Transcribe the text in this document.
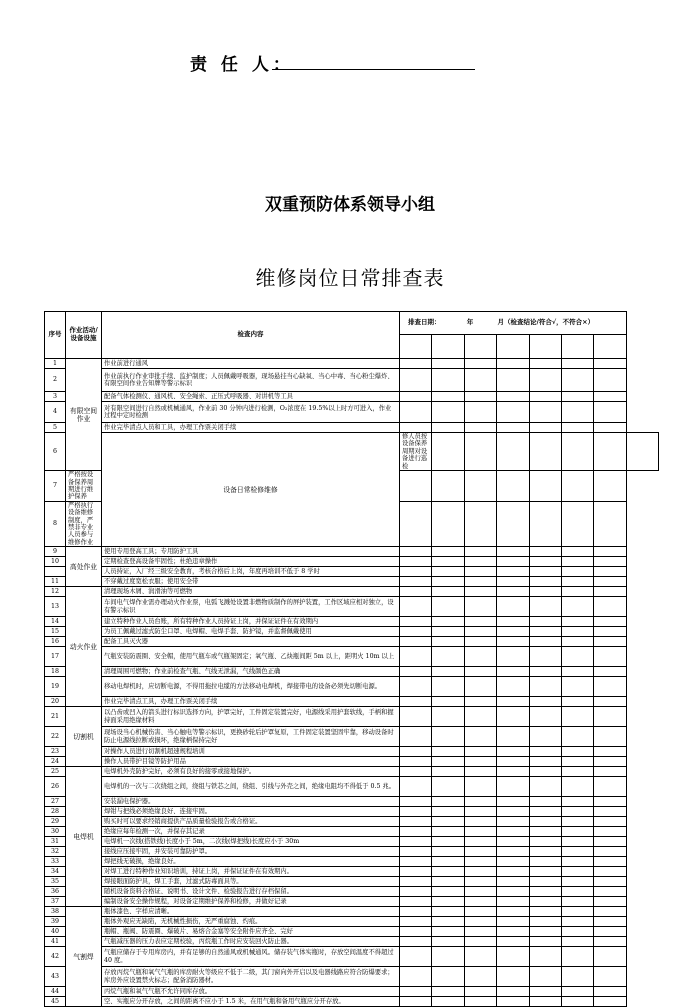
责 任 人：
双重预防体系领导小组
维修岗位日常排查表
序号	作业活动/设备设施	检查内容	排查日期： 年 月（检查结论/符合√，不符合×）							

1	有限空间作业	作业前进行通风								
2		作业前执行作业审批手续、监护制度；人员佩戴呼吸器，现场悬挂当心缺氧、当心中毒、当心粉尘爆炸、有限空间作业告知牌等警示标识								
3		配备气体检测仪、通风机、安全绳索、正压式呼吸器、对讲机等工具								
4		对有限空间进行自然或机械通风，作业前 30 分钟内进行检测，O₂浓度在 19.5%以上时方可进入，作业过程中定时检测								
5		作业完毕清点人员和工具，办理工作票关闭手续								
6		设备日常检修维修	修人员按设备保养周期对设备进行巡检							
7	严格按设备保养周期进行维护保养									
8	严格执行设备维修制度，严禁非专业人员参与维修作业									
9	高处作业	使用专用登高工具；专用防护工具								
10		定期检查登高设备牢固性；杜绝违章操作								
		人员持证，入厂经三级安全教育，考核合格后上岗，年度再培训不低于 8 学时								
11		不穿戴过度宽松衣服；使用安全带								
12	动火作业	清理现场木屑、润滑油等可燃物								
13		车间电气焊作业需办理动火作业票，电弧飞溅处设置非燃物质制作的屏护装置，工作区域应相对独立，设有警示标识								
14		建立特种作业人员台账，所有特种作业人员持证上岗，并保证证件在有效期内								
15		为员工佩戴过滤式防尘口罩、电焊帽、电焊手套、防护镜，并监督佩戴使用								
16		配备工具灭火器								
17		气瓶安装防震圈、安全帽，使用气瓶车或气瓶架固定；氧气瓶、乙炔瓶间距 5m 以上，距明火 10m 以上								
18		清理周围可燃物；作业前检查气瓶、气线无泄漏，气线颜色正确								
19		移动电焊机时，应切断电源，不得用拖拉电缆的方法移动电焊机，焊接带电的设备必须先切断电源。								
20		作业完毕清点工具，办理工作票关闭手续								
21	切割机	以凸齿或凹入的箭头进行标识选择方向，护罩完好，工件固定装置完好，电源线采用护套软线，手柄和握持面采用绝缘材料								
22		现场设当心机械伤害、当心触电等警示标识，更换砂轮后护罩复原，工件固定装置坚固牢靠，移动设备时防止电源线拉断或损坏，绝缘柄保持完好								
23		对操作人员进行切割机超速规程培训								
24		操作人员带护目镜等防护用品								
25	电焊机	电焊机外壳防护完好，必须有良好的接零或接地保护。								
26		电焊机的一次与二次绕组之间，绕组与铁芯之间，绕组、引线与外壳之间，绝缘电阻均不得低于 0.5 兆。								
27		安装漏电保护器。								
28		焊钳与把线必须绝缘良好、连接牢固。								
29		购买时可以要求经销商提供产品质量检验报告或合格证。								
30		绝缘应每年检测一次，并保存其记录								
31		电焊机一次线(搭铁线)长度小于 5m，二次线(焊把线)长度应小于 30m								
32		接线应压接牢固，并安装可靠防护罩。								
33		焊把线无破损，绝缘良好。								
34		对焊工进行特种作业知识培训，持证上岗，并保证证件在有效期内。								
35		焊接眼面防护具，焊工手套，过滤式防毒面具等。								
36		随机设备资料合格证、说明书、设计文件、检验报告进行存档保留。								
37		编制设备安全操作规程，对设备定期维护保养和检修，并做好记录								
38	气割焊	瓶体漆色、字样应清晰。								
39		瓶体外观应无缺陷，无机械性损伤，无严重腐蚀、灼痕。								
40		瓶帽、瓶阀、防震圈、爆破片、易熔合金塞等安全附件应齐全、完好								
41		气瓶减压器的压力表应定期校验，丙烷瓶工作时应安装回火防止器。								
42		气瓶应储存于专用库房内，并有足够的自然通风或机械通风。储存装气体实瓶时，存放空间温度不得超过 40 度。								
43		存放丙烷气瓶和氧气气瓶的库房耐火等级应不低于二级，其门窗向外开启以及电器线路应符合防爆要求；库房外应设置禁火标志；配备消防器材。								
44		丙烷气瓶和氧气气瓶不允许同库存放。								
45		空、实瓶应分开存放，之间的距离不应小于 1.5 米，在用气瓶和备用气瓶应分开存放。								
